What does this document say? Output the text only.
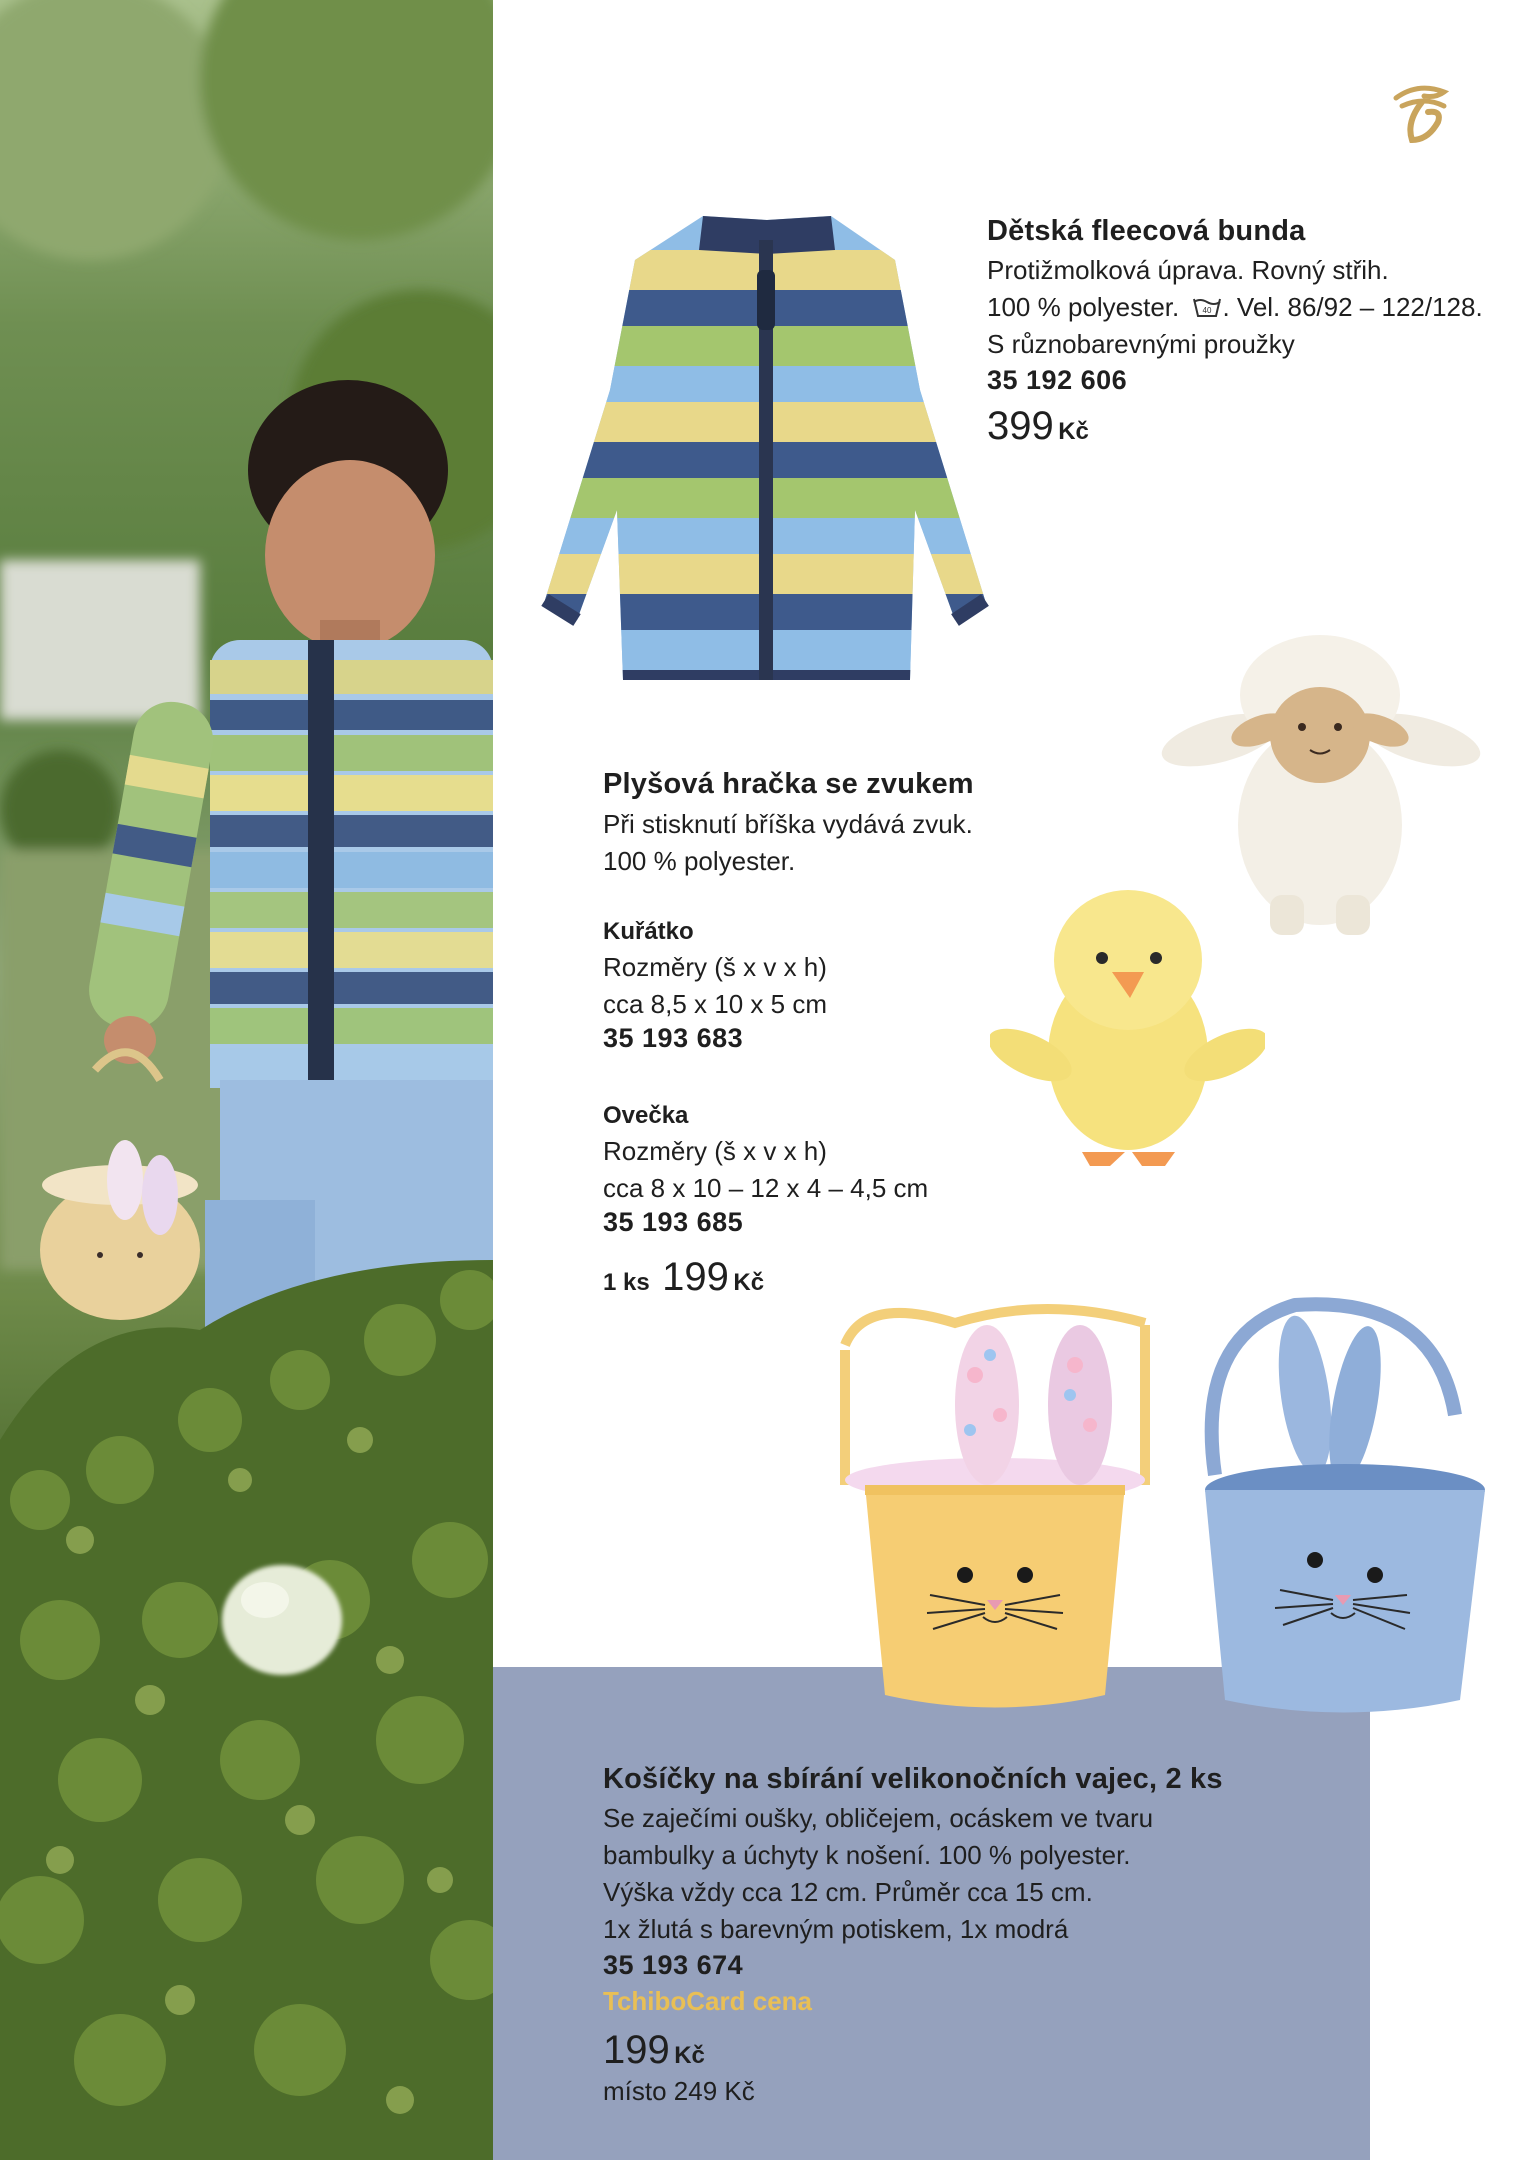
Dětská fleecová bunda

Protižmolková úprava. Rovný střih.

100 % polyester.	40 . Vel. 86/92 – 122/128.

S různobarevnými proužky

35 192 606
399 Kč
Plyšová hračka se zvukem

Při stisknutí bříška vydává zvuk.

100 % polyester.

Kuřátko
Rozměry (š x v x h)
cca 8,5 x 10 x 5 cm
35 193 683
Ovečka
Rozměry (š x v x h)
cca 8 x 10 – 12 x 4 – 4,5 cm
35 193 685
1 ks 199 Kč
Košíčky na sbírání velikonočních vajec, 2 ks

Se zaječími oušky, obličejem, ocáskem ve tvaru

bambulky a úchyty k nošení. 100 % polyester.

Výška vždy cca 12 cm. Průměr cca 15 cm.

1x žlutá s barevným potiskem, 1x modrá

35 193 674
TchiboCard cena
199 Kč
místo 249 Kč
